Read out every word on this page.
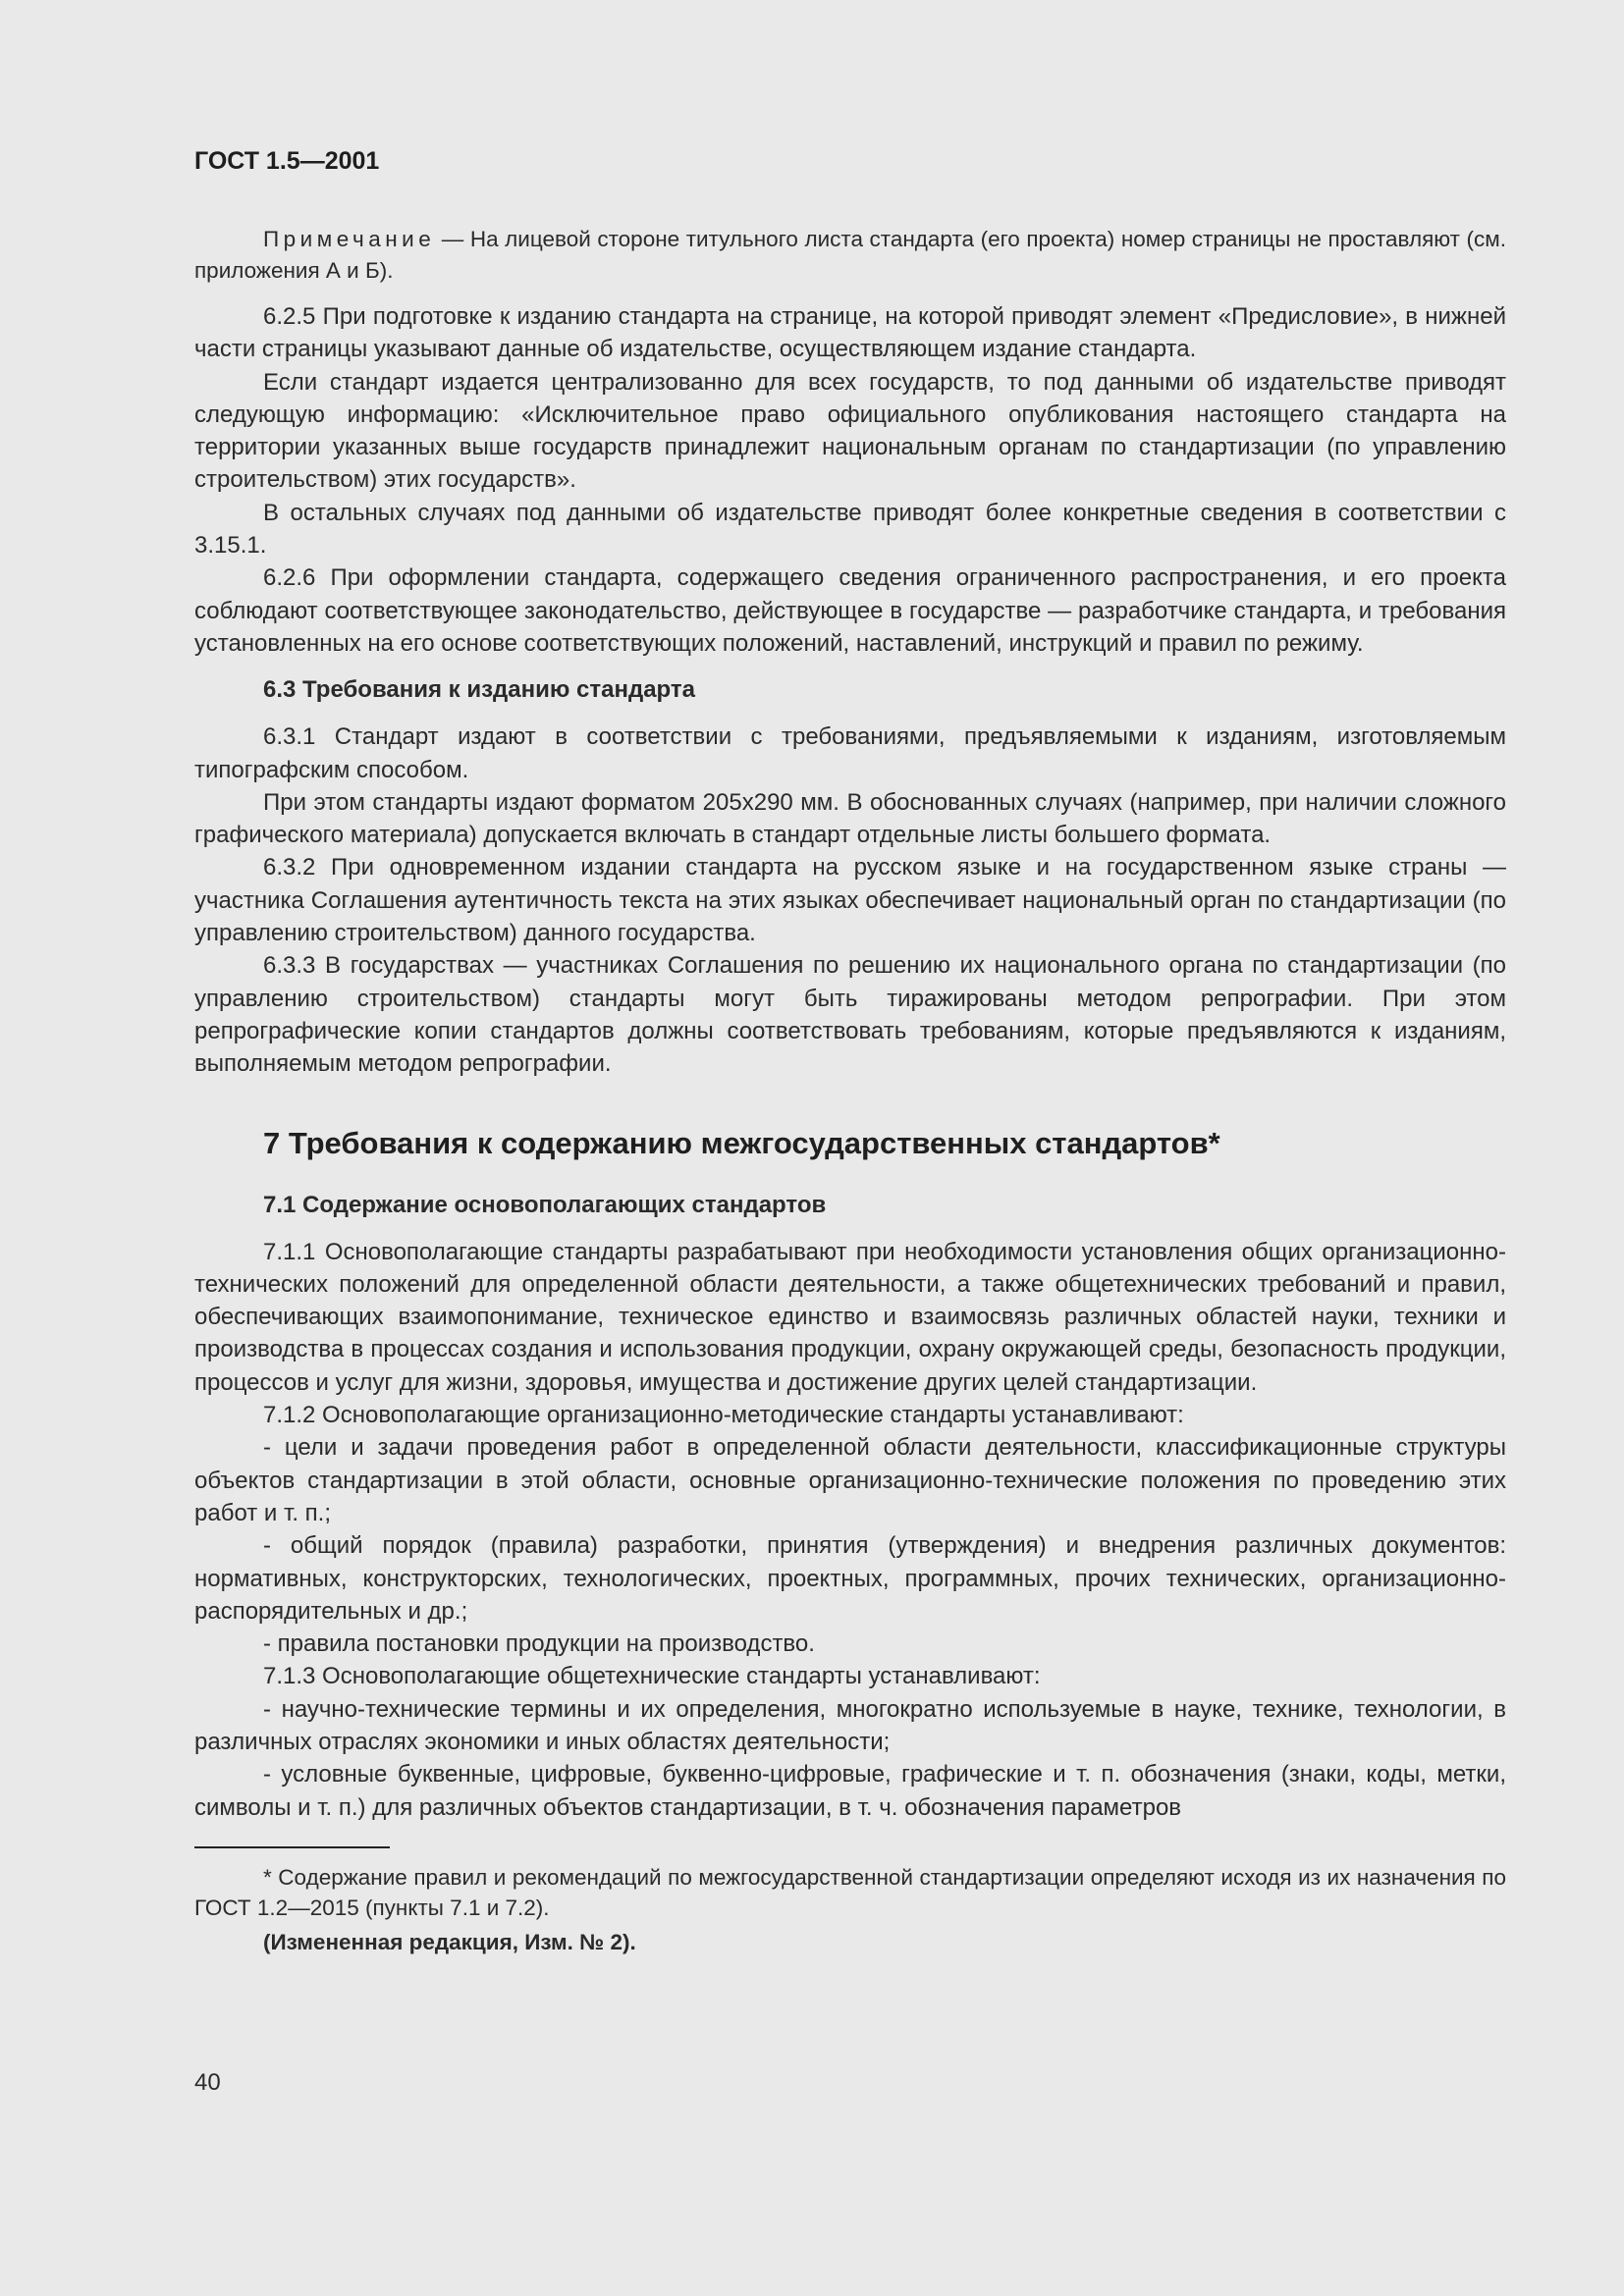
ГОСТ 1.5—2001

Примечание — На лицевой стороне титульного листа стандарта (его проекта) номер страницы не проставляют (см. приложения А и Б).

6.2.5 При подготовке к изданию стандарта на странице, на которой приводят элемент «Предисловие», в нижней части страницы указывают данные об издательстве, осуществляющем издание стандарта.

Если стандарт издается централизованно для всех государств, то под данными об издательстве приводят следующую информацию: «Исключительное право официального опубликования настоящего стандарта на территории указанных выше государств принадлежит национальным органам по стандартизации (по управлению строительством) этих государств».

В остальных случаях под данными об издательстве приводят более конкретные сведения в соответствии с 3.15.1.

6.2.6 При оформлении стандарта, содержащего сведения ограниченного распространения, и его проекта соблюдают соответствующее законодательство, действующее в государстве — разработчике стандарта, и требования установленных на его основе соответствующих положений, наставлений, инструкций и правил по режиму.

6.3 Требования к изданию стандарта

6.3.1 Стандарт издают в соответствии с требованиями, предъявляемыми к изданиям, изготовляемым типографским способом.

При этом стандарты издают форматом 205х290 мм. В обоснованных случаях (например, при наличии сложного графического материала) допускается включать в стандарт отдельные листы большего формата.

6.3.2 При одновременном издании стандарта на русском языке и на государственном языке страны — участника Соглашения аутентичность текста на этих языках обеспечивает национальный орган по стандартизации (по управлению строительством) данного государства.

6.3.3 В государствах — участниках Соглашения по решению их национального органа по стандартизации (по управлению строительством) стандарты могут быть тиражированы методом репрографии. При этом репрографические копии стандартов должны соответствовать требованиям, которые предъявляются к изданиям, выполняемым методом репрографии.

7 Требования к содержанию межгосударственных стандартов*
7.1 Содержание основополагающих стандартов

7.1.1 Основополагающие стандарты разрабатывают при необходимости установления общих организационно-технических положений для определенной области деятельности, а также общетехнических требований и правил, обеспечивающих взаимопонимание, техническое единство и взаимосвязь различных областей науки, техники и производства в процессах создания и использования продукции, охрану окружающей среды, безопасность продукции, процессов и услуг для жизни, здоровья, имущества и достижение других целей стандартизации.

7.1.2 Основополагающие организационно-методические стандарты устанавливают:

- цели и задачи проведения работ в определенной области деятельности, классификационные структуры объектов стандартизации в этой области, основные организационно-технические положения по проведению этих работ и т. п.;

- общий порядок (правила) разработки, принятия (утверждения) и внедрения различных документов: нормативных, конструкторских, технологических, проектных, программных, прочих технических, организационно-распорядительных и др.;

- правила постановки продукции на производство.

7.1.3 Основополагающие общетехнические стандарты устанавливают:

- научно-технические термины и их определения, многократно используемые в науке, технике, технологии, в различных отраслях экономики и иных областях деятельности;

- условные буквенные, цифровые, буквенно-цифровые, графические и т. п. обозначения (знаки, коды, метки, символы и т. п.) для различных объектов стандартизации, в т. ч. обозначения параметров

* Содержание правил и рекомендаций по межгосударственной стандартизации определяют исходя из их назначения по ГОСТ 1.2—2015 (пункты 7.1 и 7.2).

(Измененная редакция, Изм. № 2).

40
